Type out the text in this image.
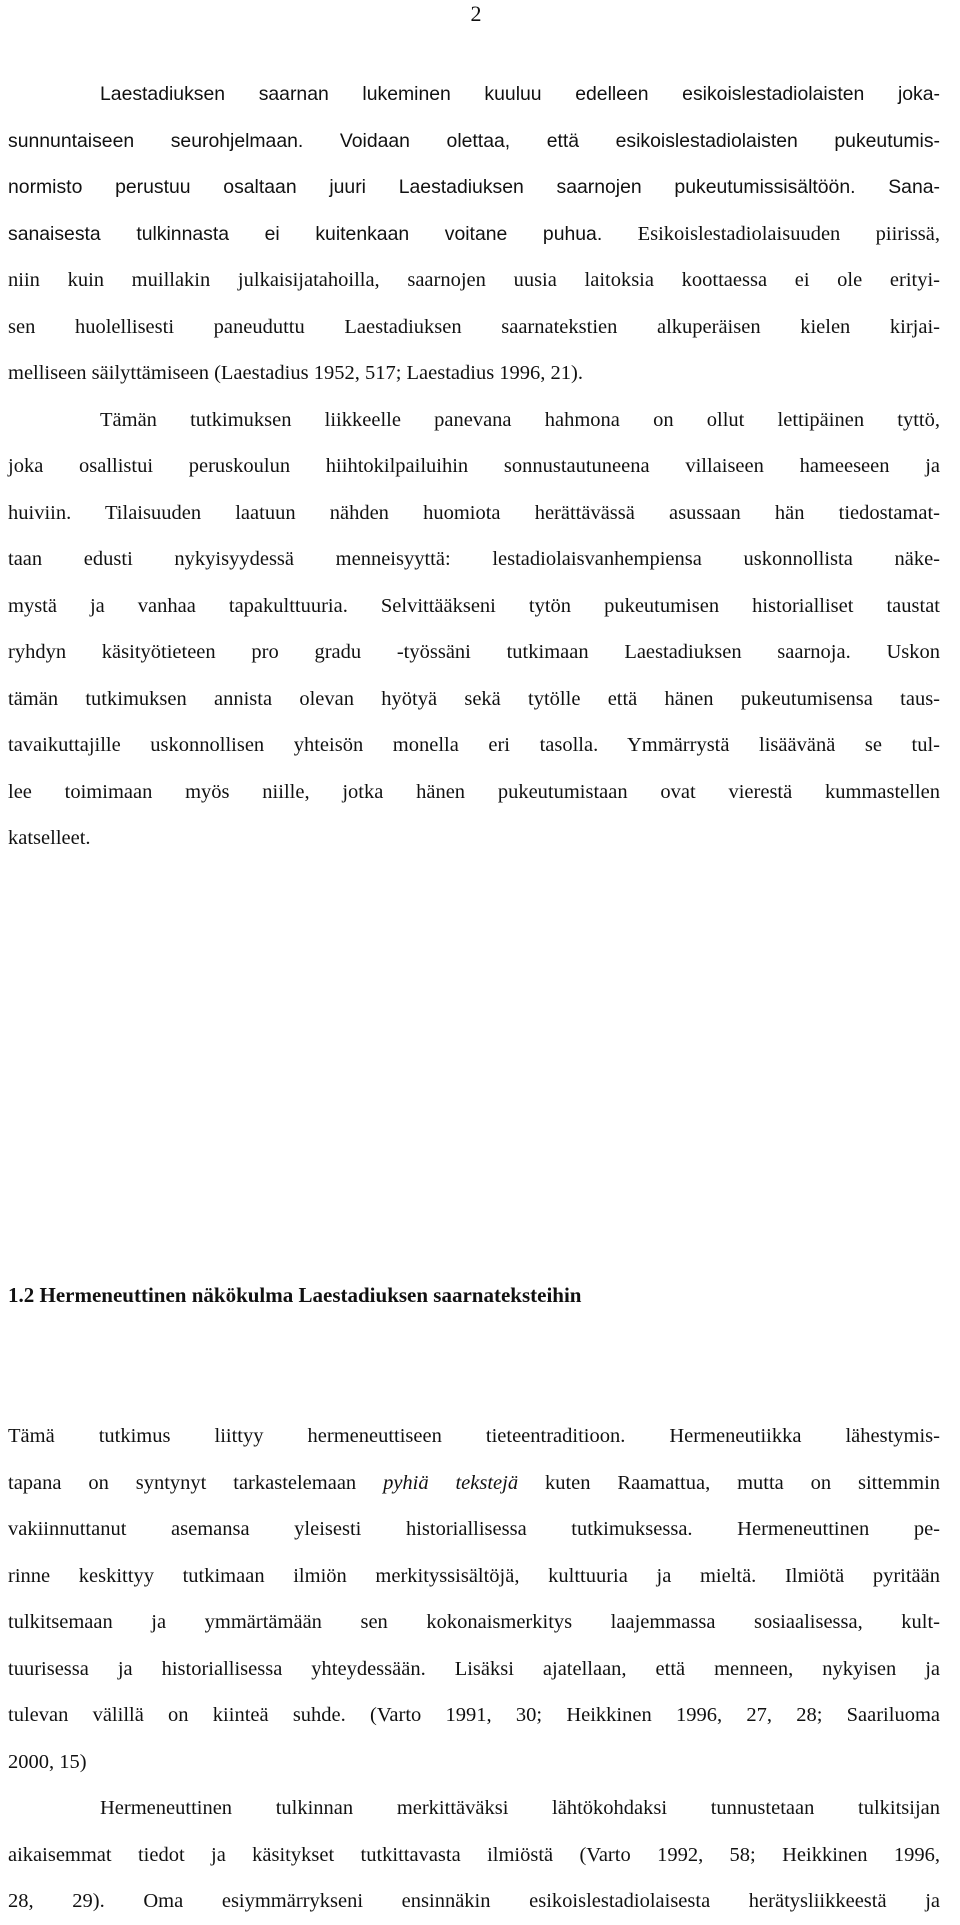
2

Laestadiuksen saarnan lukeminen kuuluu edelleen esikoislestadiolaisten joka-

sunnuntaiseen seurohjelmaan. Voidaan olettaa, että esikoislestadiolaisten pukeutumis-

normisto perustuu osaltaan juuri Laestadiuksen saarnojen pukeutumissisältöön. Sana-

sanaisesta tulkinnasta ei kuitenkaan voitane puhua. Esikoislestadiolaisuuden piirissä,

niin kuin muillakin julkaisijatahoilla, saarnojen uusia laitoksia koottaessa ei ole erityi-

sen huolellisesti paneuduttu Laestadiuksen saarnatekstien alkuperäisen kielen kirjai-

melliseen säilyttämiseen (Laestadius 1952, 517; Laestadius 1996, 21).

Tämän tutkimuksen liikkeelle panevana hahmona on ollut lettipäinen tyttö,

joka osallistui peruskoulun hiihtokilpailuihin sonnustautuneena villaiseen hameeseen ja

huiviin. Tilaisuuden laatuun nähden huomiota herättävässä asussaan hän tiedostamat-

taan edusti nykyisyydessä menneisyyttä: lestadiolaisvanhempiensa uskonnollista näke-

mystä ja vanhaa tapakulttuuria. Selvittääkseni tytön pukeutumisen historialliset taustat

ryhdyn käsityötieteen pro gradu -työssäni tutkimaan Laestadiuksen saarnoja. Uskon

tämän tutkimuksen annista olevan hyötyä sekä tytölle että hänen pukeutumisensa taus-

tavaikuttajille uskonnollisen yhteisön monella eri tasolla. Ymmärrystä lisäävänä se tul-

lee toimimaan myös niille, jotka hänen pukeutumistaan ovat vierestä kummastellen

katselleet.

1.2 Hermeneuttinen näkökulma Laestadiuksen saarnateksteihin

Tämä tutkimus liittyy hermeneuttiseen tieteentraditioon. Hermeneutiikka lähestymis-

tapana on syntynyt tarkastelemaan pyhiä tekstejä kuten Raamattua, mutta on sittemmin

vakiinnuttanut asemansa yleisesti historiallisessa tutkimuksessa. Hermeneuttinen pe-

rinne keskittyy tutkimaan ilmiön merkityssisältöjä, kulttuuria ja mieltä. Ilmiötä pyritään

tulkitsemaan ja ymmärtämään sen kokonaismerkitys laajemmassa sosiaalisessa, kult-

tuurisessa ja historiallisessa yhteydessään. Lisäksi ajatellaan, että menneen, nykyisen ja

tulevan välillä on kiinteä suhde. (Varto 1991, 30; Heikkinen 1996, 27, 28; Saariluoma

2000, 15)

Hermeneuttinen tulkinnan merkittäväksi lähtökohdaksi tunnustetaan tulkitsijan

aikaisemmat tiedot ja käsitykset tutkittavasta ilmiöstä (Varto 1992, 58; Heikkinen 1996,

28, 29). Oma esiymmärrykseni ensinnäkin esikoislestadiolaisesta herätysliikkeestä ja
